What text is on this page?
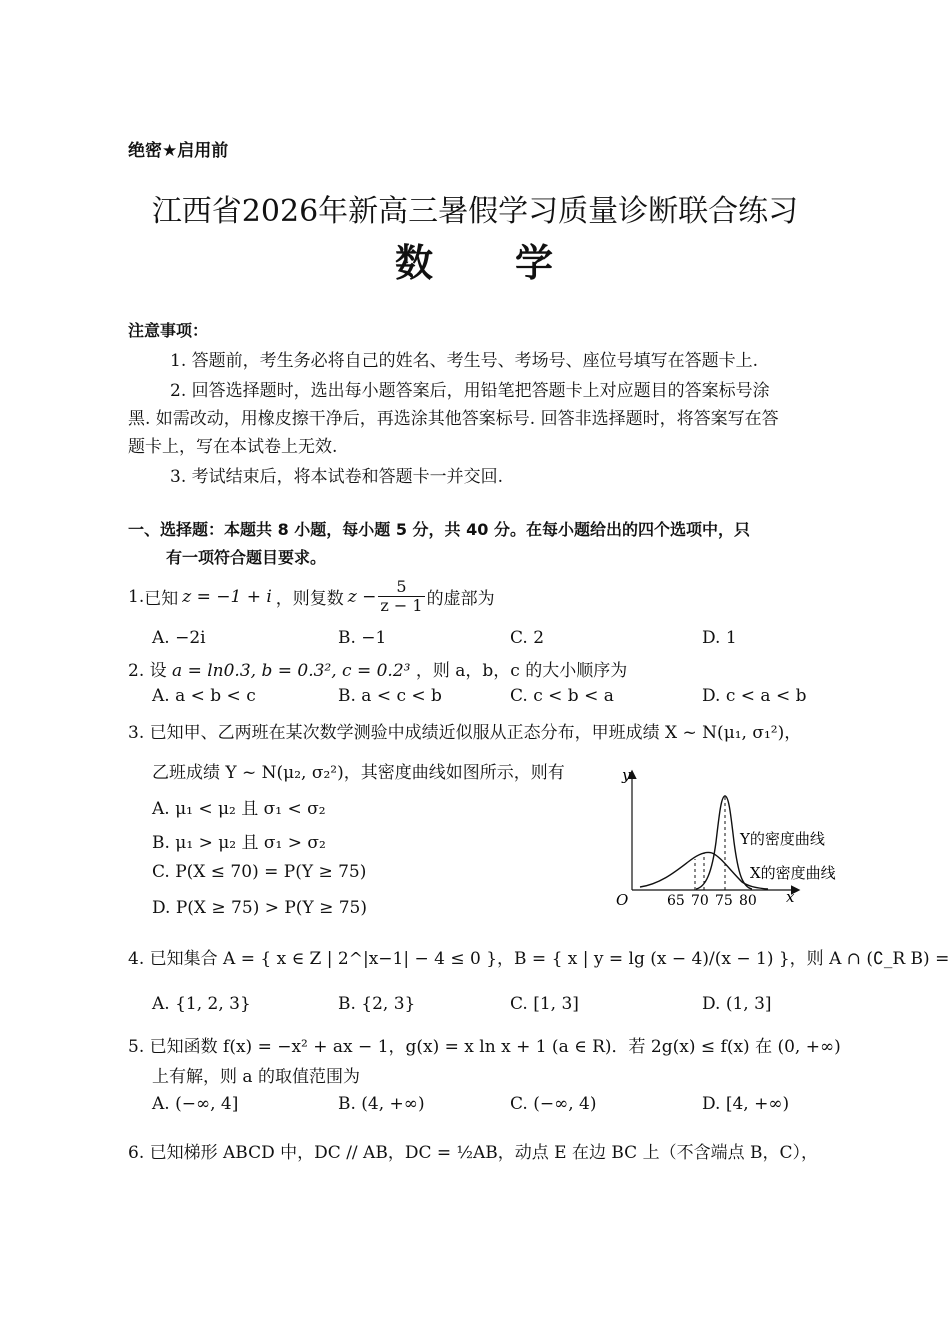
绝密★启用前
江西省2026年新高三暑假学习质量诊断联合练习
数　　学
注意事项：
1. 答题前，考生务必将自己的姓名、考生号、考场号、座位号填写在答题卡上.
2. 回答选择题时，选出每小题答案后，用铅笔把答题卡上对应题目的答案标号涂
黑. 如需改动，用橡皮擦干净后，再选涂其他答案标号. 回答非选择题时，将答案写在答
题卡上，写在本试卷上无效.
3. 考试结束后，将本试卷和答题卡一并交回.
一、选择题：本题共 8 小题，每小题 5 分，共 40 分。在每小题给出的四个选项中，只
有一项符合题目要求。
1. 已知 z = −1 + i ，则复数 $z - \frac{5}{z - 1}$ 的虚部为
A. −2i	B. −1	C. 2	D. 1
2. 设 a = ln0.3, b = 0.3², c = 0.2³ ，则 a，b，c 的大小顺序为
A. a < b < c	B. a < c < b	C. c < b < a	D. c < a < b
3. 已知甲、乙两班在某次数学测验中成绩近似服从正态分布，甲班成绩 X ~ N(μ₁, σ₁²)，
乙班成绩 Y ~ N(μ₂, σ₂²)，其密度曲线如图所示，则有
A. μ₁ < μ₂ 且 σ₁ < σ₂
B. μ₁ > μ₂ 且 σ₁ > σ₂
C. P(X ≤ 70) = P(Y ≥ 75)
D. P(X ≥ 75) > P(Y ≥ 75)
y
x
O	65 70 75 80
Y的密度曲线
X的密度曲线
4. 已知集合 A = { x ∈ Z | 2^|x−1| − 4 ≤ 0 }，B = { x | y = lg (x − 4)/(x − 1) }，则 A ∩ (∁_R B) =
A. {1, 2, 3}	B. {2, 3}	C. [1, 3]	D. (1, 3]
5. 已知函数 f(x) = −x² + ax − 1，g(x) = x ln x + 1 (a ∈ R)．若 2g(x) ≤ f(x) 在 (0, +∞)
上有解，则 a 的取值范围为
A. (−∞, 4]	B. (4, +∞)	C. (−∞, 4)	D. [4, +∞)
6. 已知梯形 ABCD 中，DC // AB，DC = ½AB，动点 E 在边 BC 上（不含端点 B，C），
